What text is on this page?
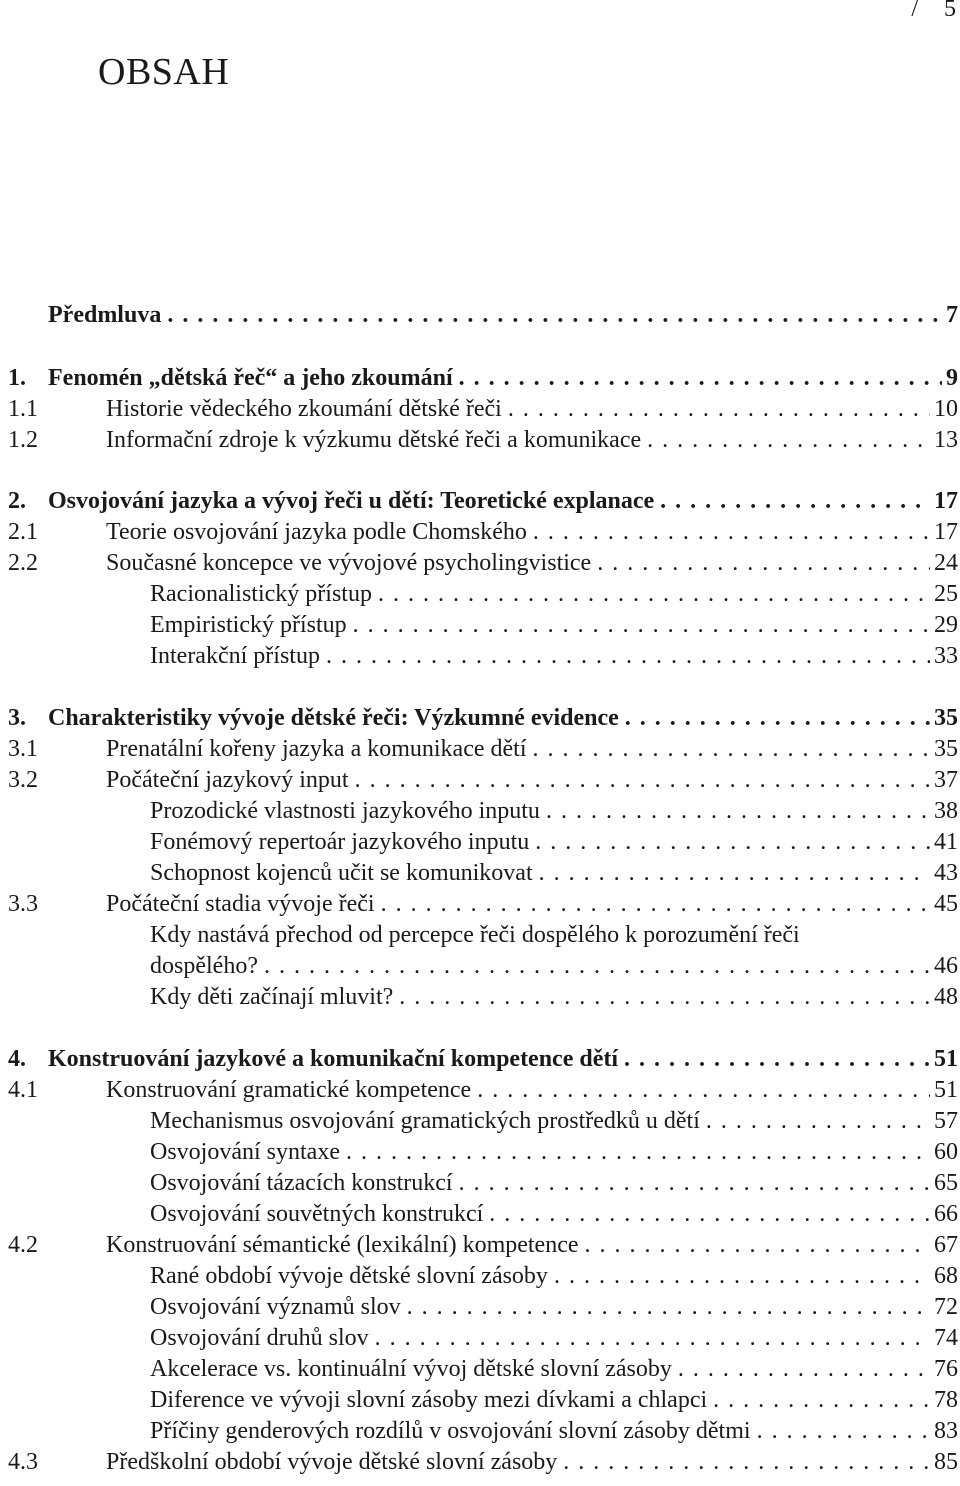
/ 5
OBSAH
Předmluva . . .	7
1. Fenomén „dětská řeč“ a jeho zkoumání . . .	9
1.1	Historie vědeckého zkoumání dětské řeči . . .	10
1.2	Informační zdroje k výzkumu dětské řeči a komunikace . . .	13
2. Osvojování jazyka a vývoj řeči u dětí: Teoretické explanace . . .	17
2.1	Teorie osvojování jazyka podle Chomského . . .	17
2.2	Současné koncepce ve vývojové psycholingvistice . . .	24
Racionalistický přístup . . .	25
Empiristický přístup . . .	29
Interakční přístup . . .	33
3. Charakteristiky vývoje dětské řeči: Výzkumné evidence . . .	35
3.1	Prenatální kořeny jazyka a komunikace dětí . . .	35
3.2	Počáteční jazykový input . . .	37
Prozodické vlastnosti jazykového inputu . . .	38
Fonémový repertoár jazykového inputu . . .	41
Schopnost kojenců učit se komunikovat . . .	43
3.3	Počáteční stadia vývoje řeči . . .	45
Kdy nastává přechod od percepce řeči dospělého k porozumění řeči
dospělého? . . .	46
Kdy děti začínají mluvit? . . .	48
4. Konstruování jazykové a komunikační kompetence dětí . . .	51
4.1	Konstruování gramatické kompetence . . .	51
Mechanismus osvojování gramatických prostředků u dětí . . .	57
Osvojování syntaxe . . .	60
Osvojování tázacích konstrukcí . . .	65
Osvojování souvětných konstrukcí . . .	66
4.2	Konstruování sémantické (lexikální) kompetence . . .	67
Rané období vývoje dětské slovní zásoby . . .	68
Osvojování významů slov . . .	72
Osvojování druhů slov . . .	74
Akcelerace vs. kontinuální vývoj dětské slovní zásoby . . .	76
Diference ve vývoji slovní zásoby mezi dívkami a chlapci . . .	78
Příčiny genderových rozdílů v osvojování slovní zásoby dětmi . . .	83
4.3	Předškolní období vývoje dětské slovní zásoby . . .	85
